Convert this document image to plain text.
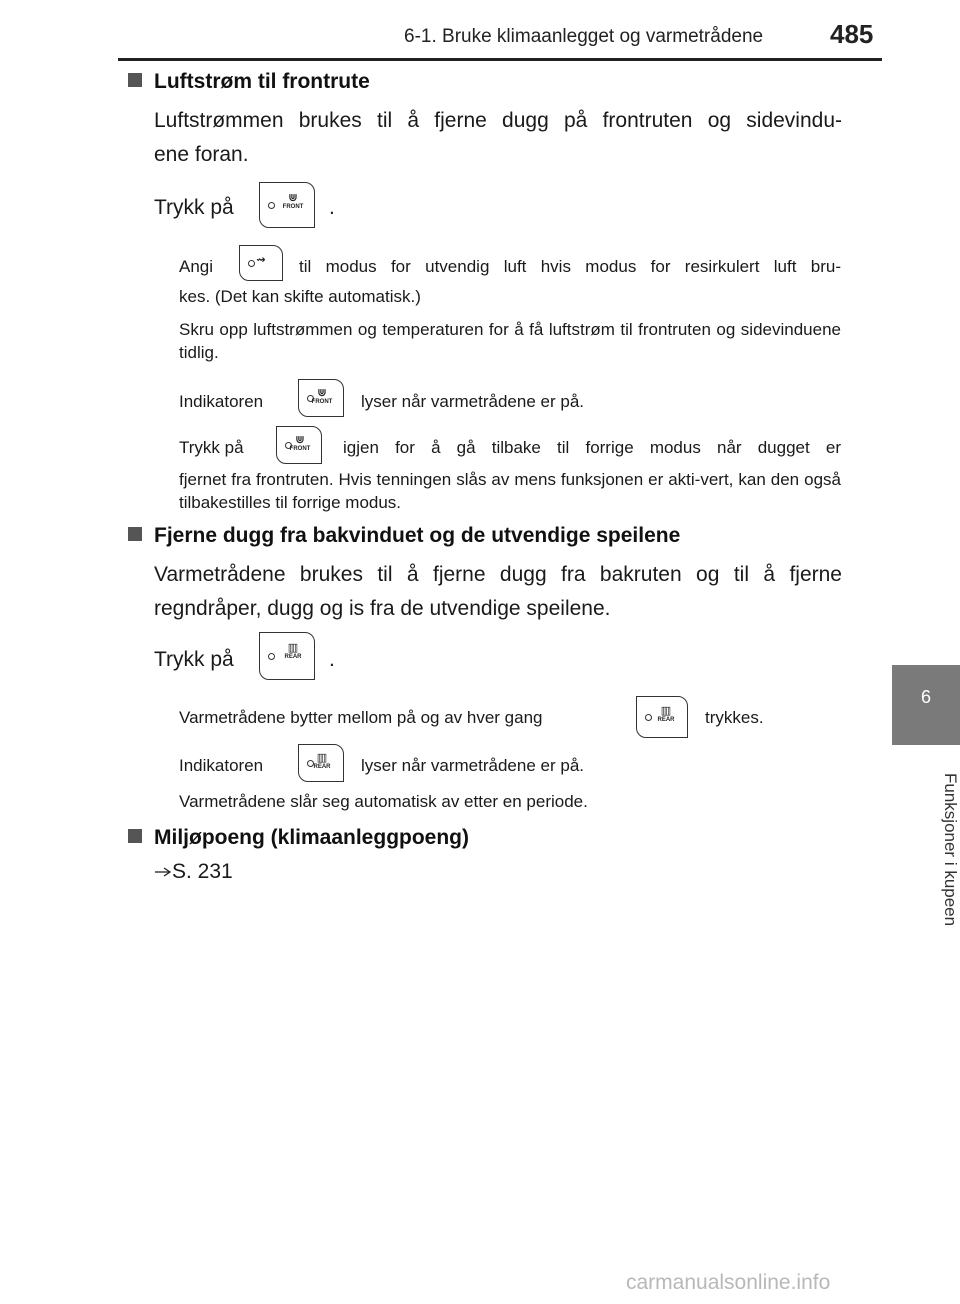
6-1. Bruke klimaanlegget og varmetrådene	485
6
Funksjoner i kupeen
Luftstrøm til frontrute
Luftstrømmen brukes til å fjerne dugg på frontruten og sidevindu-
ene foran.
Trykk på	⋓
FRONT .
Angi	⇝	til modus for utvendig luft hvis modus for resirkulert luft bru-
kes. (Det kan skifte automatisk.)
Skru opp luftstrømmen og temperaturen for å få luftstrøm til frontruten og sidevinduene tidlig.
Indikatoren	⋓
FRONT lyser når varmetrådene er på.
Trykk på	⋓
FRONT igjen for å gå tilbake til forrige modus når dugget er
fjernet fra frontruten. Hvis tenningen slås av mens funksjonen er akti-vert, kan den også tilbakestilles til forrige modus.
Fjerne dugg fra bakvinduet og de utvendige speilene
Varmetrådene brukes til å fjerne dugg fra bakruten og til å fjerne regndråper, dugg og is fra de utvendige speilene.
Trykk på	▥
REAR .
Varmetrådene bytter mellom på og av hver gang	▥
REAR trykkes.
Indikatoren	▥
REAR lyser når varmetrådene er på.
Varmetrådene slår seg automatisk av etter en periode.
Miljøpoeng (klimaanleggpoeng)
S. 231
carmanualsonline.info
